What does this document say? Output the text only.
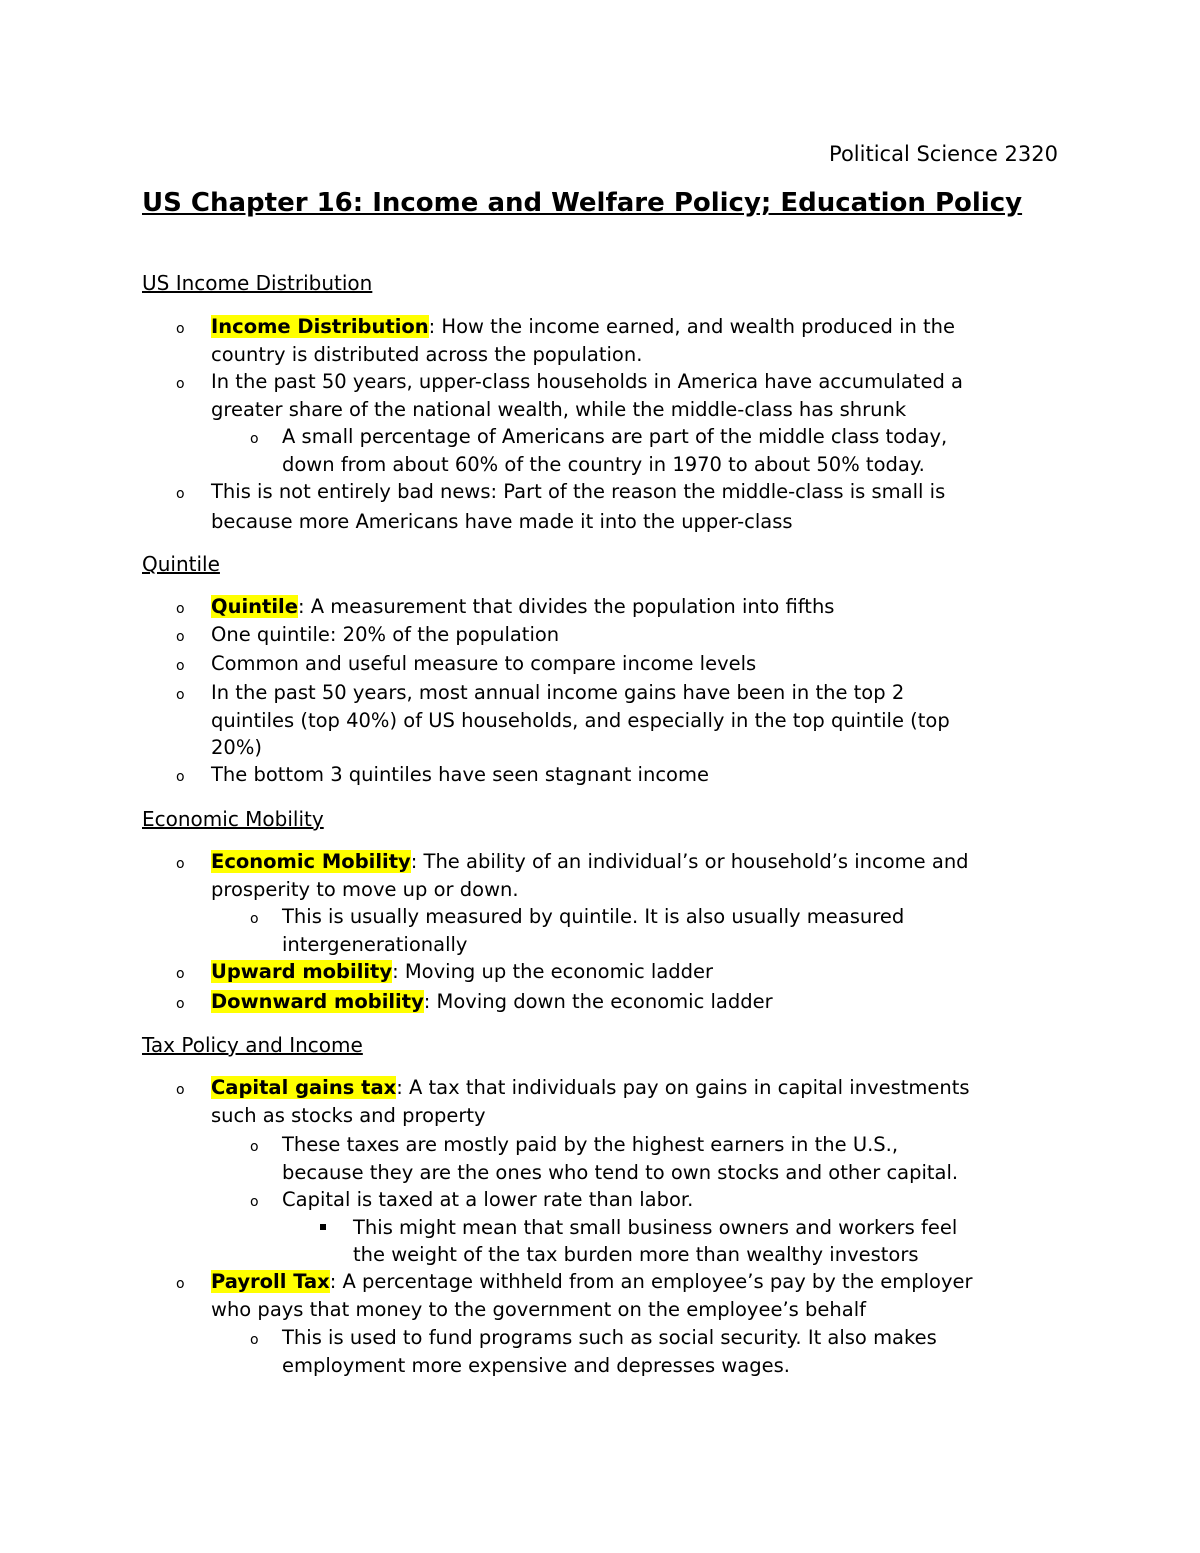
Political Science 2320
US Chapter 16: Income and Welfare Policy; Education Policy
US Income Distribution
o Income Distribution: How the income earned, and wealth produced in the
country is distributed across the population.
o In the past 50 years, upper-class households in America have accumulated a
greater share of the national wealth, while the middle-class has shrunk
o A small percentage of Americans are part of the middle class today,
down from about 60% of the country in 1970 to about 50% today.
o This is not entirely bad news: Part of the reason the middle-class is small is
because more Americans have made it into the upper-class
Quintile
o Quintile: A measurement that divides the population into fifths
o One quintile: 20% of the population
o Common and useful measure to compare income levels
o In the past 50 years, most annual income gains have been in the top 2
quintiles (top 40%) of US households, and especially in the top quintile (top
20%)
o The bottom 3 quintiles have seen stagnant income
Economic Mobility
o Economic Mobility: The ability of an individual’s or household’s income and
prosperity to move up or down.
o This is usually measured by quintile. It is also usually measured
intergenerationally
o Upward mobility: Moving up the economic ladder
o Downward mobility: Moving down the economic ladder
Tax Policy and Income
o Capital gains tax: A tax that individuals pay on gains in capital investments
such as stocks and property
o These taxes are mostly paid by the highest earners in the U.S.,
because they are the ones who tend to own stocks and other capital.
o Capital is taxed at a lower rate than labor.
This might mean that small business owners and workers feel
the weight of the tax burden more than wealthy investors
o Payroll Tax: A percentage withheld from an employee’s pay by the employer
who pays that money to the government on the employee’s behalf
o This is used to fund programs such as social security. It also makes
employment more expensive and depresses wages.
